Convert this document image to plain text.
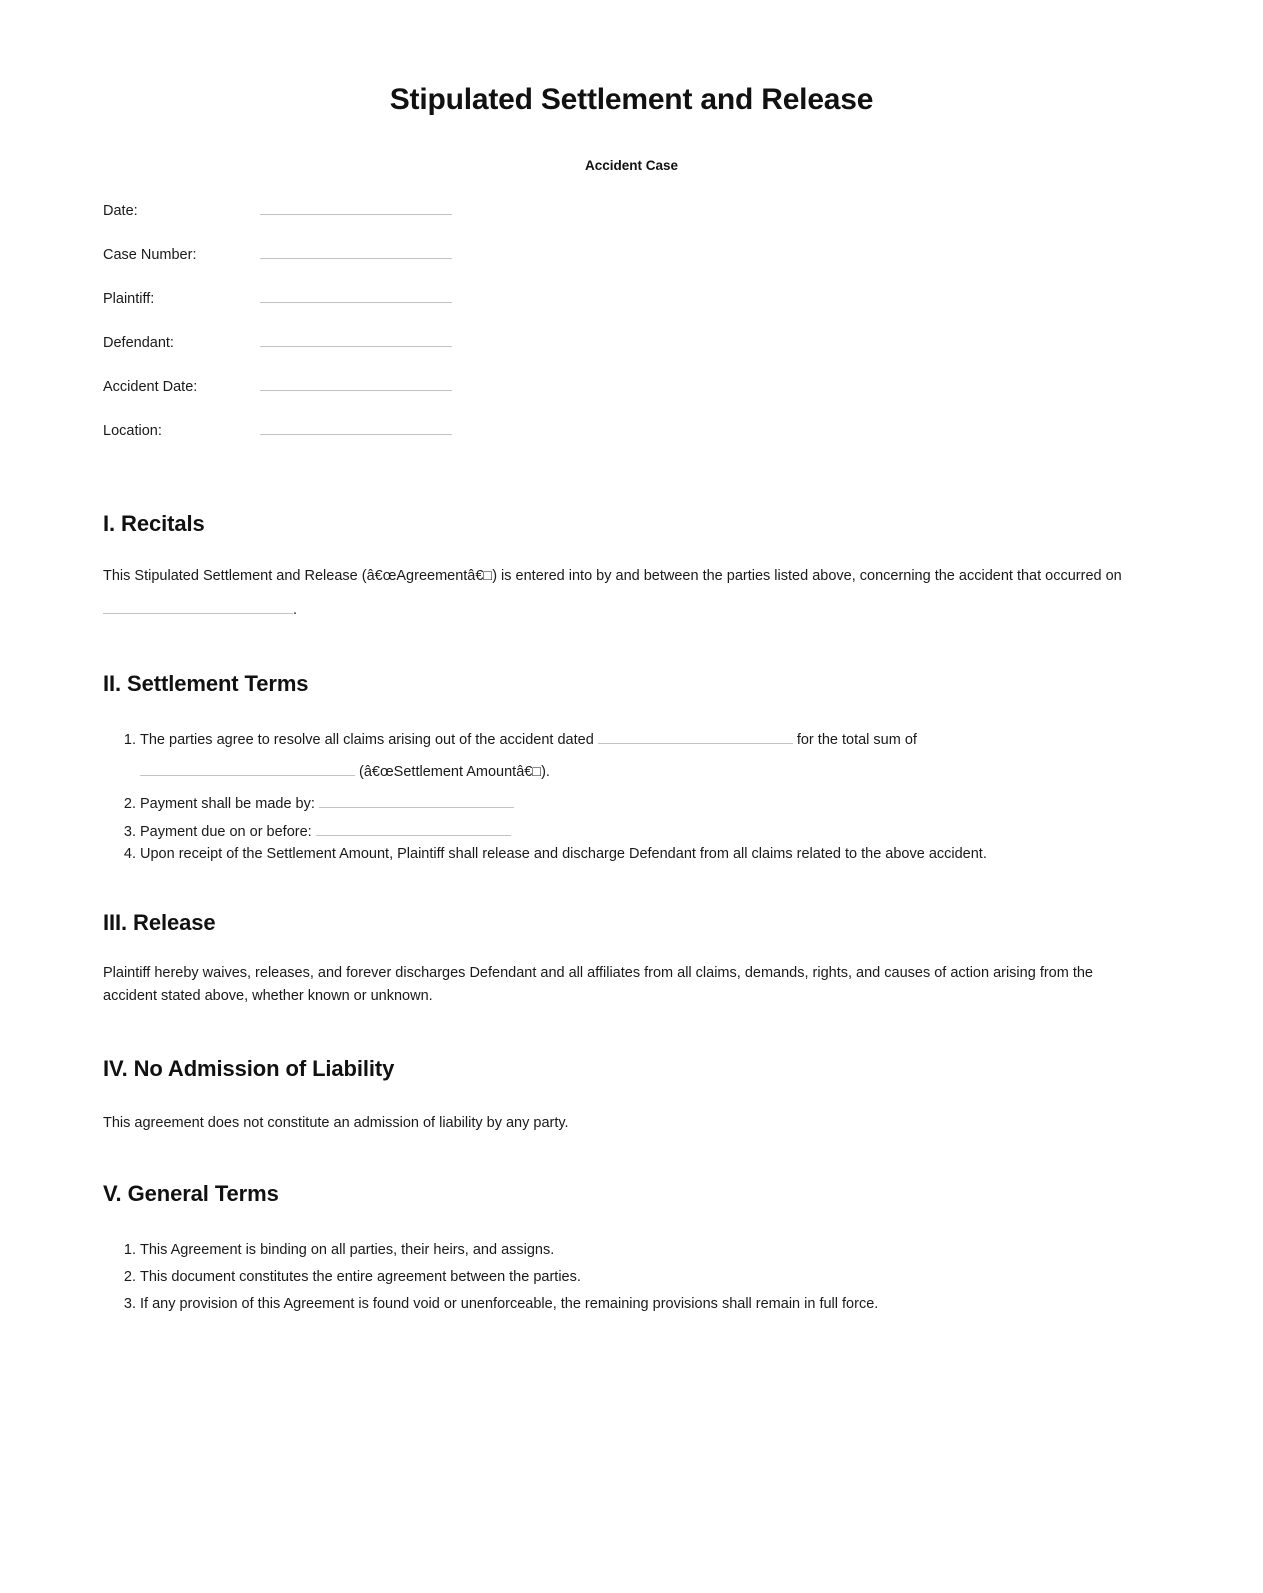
Stipulated Settlement and Release
Accident Case
Date:
Case Number:
Plaintiff:
Defendant:
Accident Date:
Location:
I. Recitals

This Stipulated Settlement and Release (â€œAgreementâ€□) is entered into by and between the parties listed above, concerning the accident that occurred on .

II. Settlement Terms
1. The parties agree to resolve all claims arising out of the accident dated	for the total sum of  (â€œSettlement Amountâ€□).
2. Payment shall be made by:
3. Payment due on or before:
4. Upon receipt of the Settlement Amount, Plaintiff shall release and discharge Defendant from all claims related to the above accident.
III. Release

Plaintiff hereby waives, releases, and forever discharges Defendant and all affiliates from all claims, demands, rights, and causes of action arising from the accident stated above, whether known or unknown.

IV. No Admission of Liability

This agreement does not constitute an admission of liability by any party.

V. General Terms
1. This Agreement is binding on all parties, their heirs, and assigns.
2. This document constitutes the entire agreement between the parties.
3. If any provision of this Agreement is found void or unenforceable, the remaining provisions shall remain in full force.
